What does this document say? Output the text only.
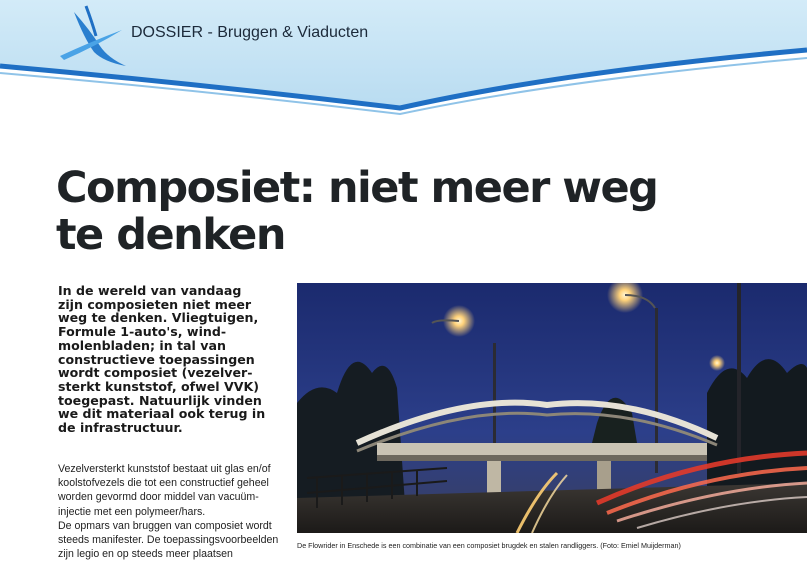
DOSSIER - Bruggen & Viaducten
Composiet: niet meer weg te denken

In de wereld van vandaag zijn composieten niet meer weg te denken. Vliegtuigen, Formule 1-auto's, wind-molenbladen; in tal van constructieve toepassingen wordt composiet (vezelver-sterkt kunststof, ofwel VVK) toegepast. Natuurlijk vinden we dit materiaal ook terug in de infrastructuur.

Vezelversterkt kunststof bestaat uit glas en/of koolstofvezels die tot een constructief geheel worden gevormd door middel van vacuüm-injectie met een polymeer/hars.

De opmars van bruggen van composiet wordt steeds manifester. De toepassingsvoorbeelden zijn legio en op steeds meer plaatsen

De Flowrider in Enschede is een combinatie van een composiet brugdek en stalen randliggers. (Foto: Emiel Muijderman)
